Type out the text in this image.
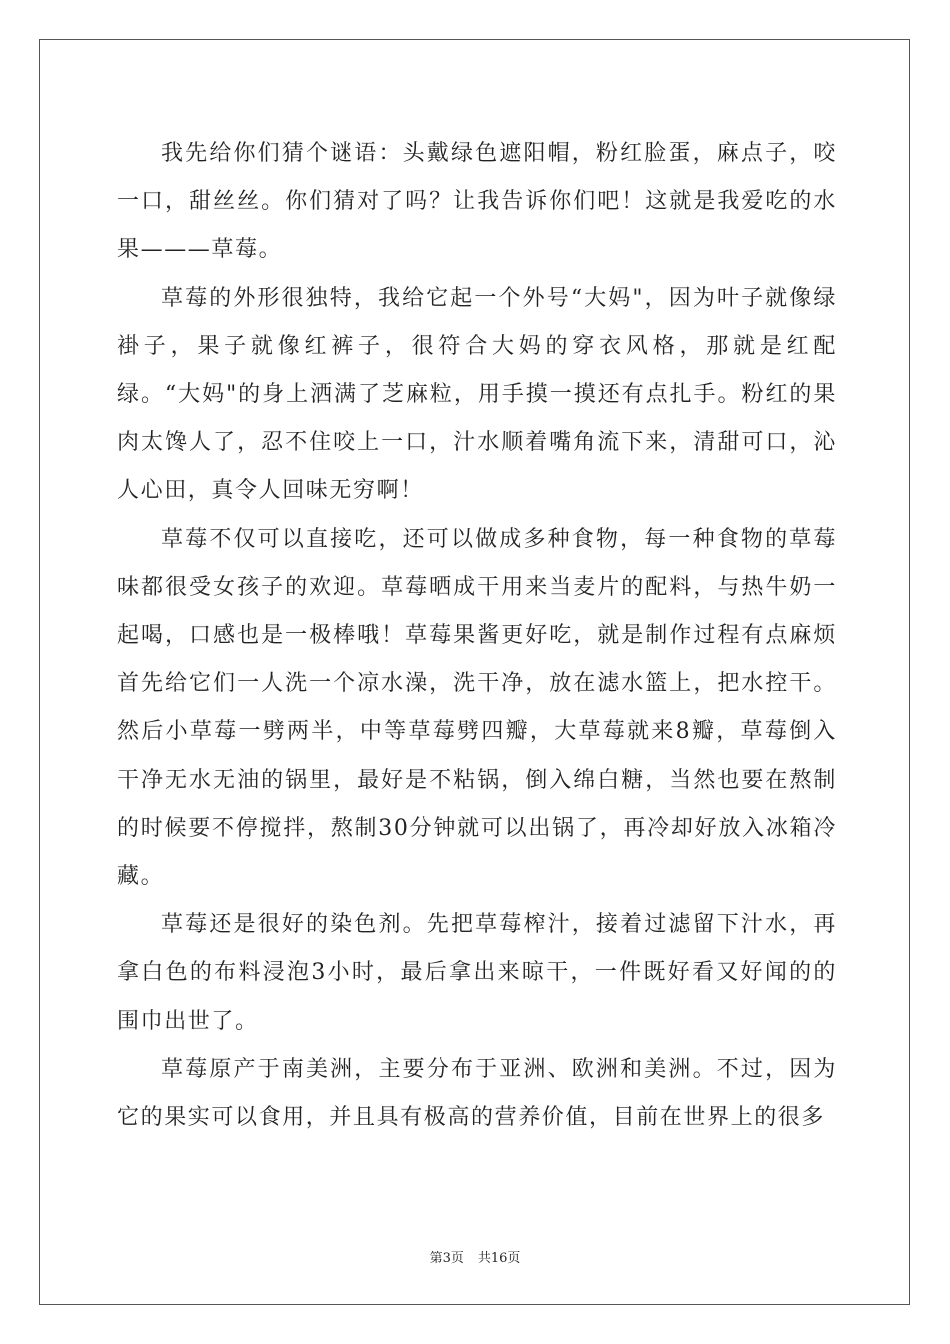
我先给你们猜个谜语：头戴绿色遮阳帽，粉红脸蛋，麻点子，咬一口，甜丝丝。你们猜对了吗？让我告诉你们吧！这就是我爱吃的水果———草莓。

草莓的外形很独特，我给它起一个外号“大妈"，因为叶子就像绿褂子，果子就像红裤子，很符合大妈的穿衣风格，那就是红配绿。“大妈"的身上洒满了芝麻粒，用手摸一摸还有点扎手。粉红的果肉太馋人了，忍不住咬上一口，汁水顺着嘴角流下来，清甜可口，沁人心田，真令人回味无穷啊！

草莓不仅可以直接吃，还可以做成多种食物，每一种食物的草莓味都很受女孩子的欢迎。草莓晒成干用来当麦片的配料，与热牛奶一起喝，口感也是一极棒哦！草莓果酱更好吃，就是制作过程有点麻烦首先给它们一人洗一个凉水澡，洗干净，放在滤水篮上，把水控干。然后小草莓一劈两半，中等草莓劈四瓣，大草莓就来8瓣，草莓倒入干净无水无油的锅里，最好是不粘锅，倒入绵白糖，当然也要在熬制的时候要不停搅拌，熬制30分钟就可以出锅了，再冷却好放入冰箱冷藏。

草莓还是很好的染色剂。先把草莓榨汁，接着过滤留下汁水，再拿白色的布料浸泡3小时，最后拿出来晾干，一件既好看又好闻的的围巾出世了。

草莓原产于南美洲，主要分布于亚洲、欧洲和美洲。不过，因为它的果实可以食用，并且具有极高的营养价值，目前在世界上的很多

第3页 共16页
